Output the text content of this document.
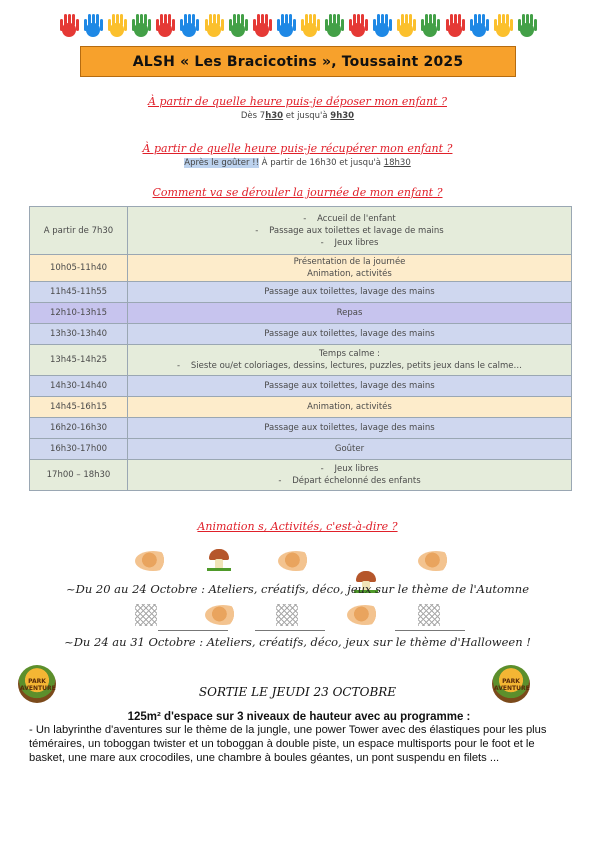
ALSH « Les Bracicotins », Toussaint 2025
À partir de quelle heure puis-je déposer mon enfant ?
Dès 7h30 et jusqu'à 9h30
À partir de quelle heure puis-je récupérer mon enfant ?
Après le goûter !! À partir de 16h30 et jusqu'à 18h30
Comment va se dérouler la journée de mon enfant ?
A partir de 7h30	-    Accueil de l'enfant
-    Passage aux toilettes et lavage de mains
-    Jeux libres

10h05-11h40	Présentation de la journée
Animation, activités

11h45-11h55	Passage aux toilettes, lavage des mains

12h10-13h15	Repas

13h30-13h40	Passage aux toilettes, lavage des mains

13h45-14h25	Temps calme :
-    Sieste ou/et coloriages, dessins, lectures, puzzles, petits jeux dans le calme…

14h30-14h40	Passage aux toilettes, lavage des mains

14h45-16h15	Animation, activités

16h20-16h30	Passage aux toilettes, lavage des mains

16h30-17h00	Goûter

17h00 – 18h30	-    Jeux libres
-    Départ échelonné des enfants
Animation s, Activités, c'est-à-dire ?
~Du 20 au 24 Octobre : Ateliers, créatifs, déco, jeux sur le thème de l'Automne
~Du 24 au 31 Octobre : Ateliers, créatifs, déco, jeux sur le thème d'Halloween !
PARK AVENTURE
PARK AVENTURE
SORTIE LE JEUDI 23 OCTOBRE
125m² d'espace sur 3 niveaux de hauteur avec au programme :
- Un labyrinthe d'aventures sur le thème de la jungle, une power Tower avec des élastiques pour les plus téméraires, un toboggan twister et un toboggan à double piste, un espace multisports pour le foot et le basket, une mare aux crocodiles, une chambre à boules géantes, un pont suspendu en filets ...
